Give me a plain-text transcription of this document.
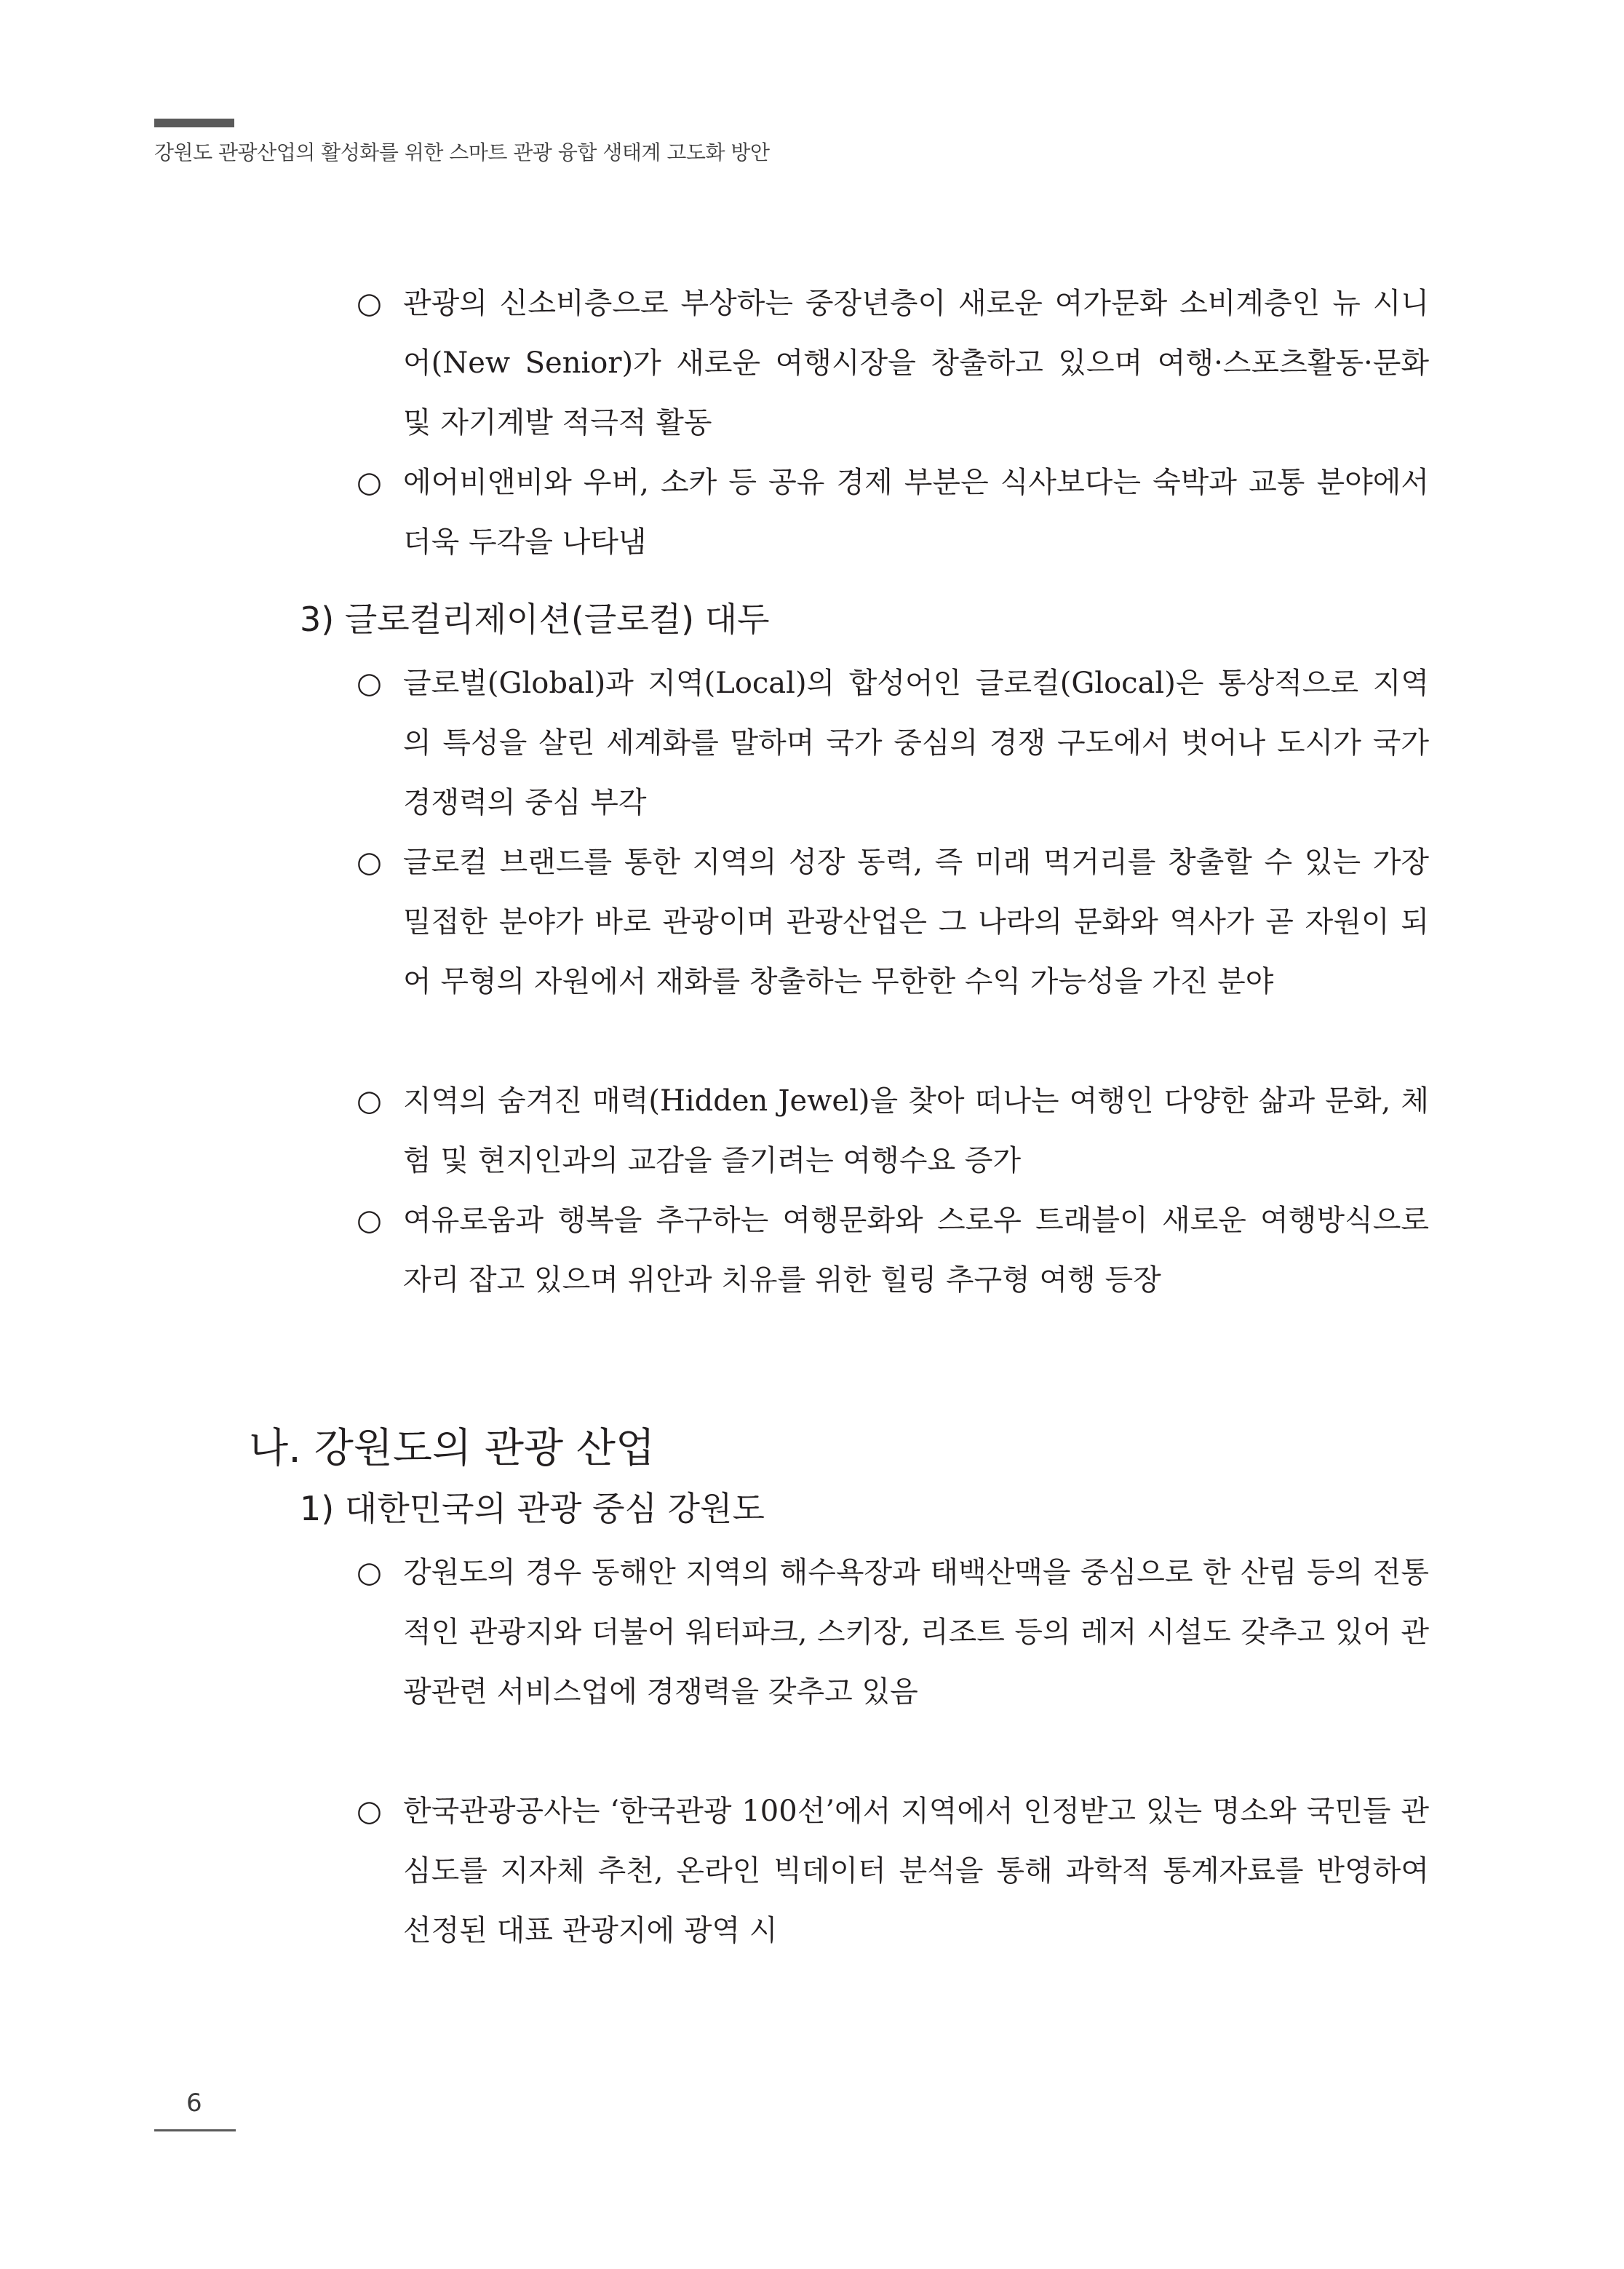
강원도 관광산업의 활성화를 위한 스마트 관광 융합 생태계 고도화 방안
○ 관광의 신소비층으로 부상하는 중장년층이 새로운 여가문화 소비계층인 뉴 시니어(New Senior)가 새로운 여행시장을 창출하고 있으며 여행·스포츠활동·문화 및 자기계발 적극적 활동
○ 에어비앤비와 우버, 소카 등 공유 경제 부분은 식사보다는 숙박과 교통 분야에서 더욱 두각을 나타냄
3) 글로컬리제이션(글로컬) 대두
○ 글로벌(Global)과 지역(Local)의 합성어인 글로컬(Glocal)은 통상적으로 지역의 특성을 살린 세계화를 말하며 국가 중심의 경쟁 구도에서 벗어나 도시가 국가 경쟁력의 중심 부각
○ 글로컬 브랜드를 통한 지역의 성장 동력, 즉 미래 먹거리를 창출할 수 있는 가장 밀접한 분야가 바로 관광이며 관광산업은 그 나라의 문화와 역사가 곧 자원이 되어 무형의 자원에서 재화를 창출하는 무한한 수익 가능성을 가진 분야
○ 지역의 숨겨진 매력(Hidden Jewel)을 찾아 떠나는 여행인 다양한 삶과 문화, 체험 및 현지인과의 교감을 즐기려는 여행수요 증가
○ 여유로움과 행복을 추구하는 여행문화와 스로우 트래블이 새로운 여행방식으로 자리 잡고 있으며 위안과 치유를 위한 힐링 추구형 여행 등장
나. 강원도의 관광 산업
1) 대한민국의 관광 중심 강원도
○ 강원도의 경우 동해안 지역의 해수욕장과 태백산맥을 중심으로 한 산림 등의 전통적인 관광지와 더불어 워터파크, 스키장, 리조트 등의 레저 시설도 갖추고 있어 관광관련 서비스업에 경쟁력을 갖추고 있음
○ 한국관광공사는 ‘한국관광 100선’에서 지역에서 인정받고 있는 명소와 국민들 관심도를 지자체 추천, 온라인 빅데이터 분석을 통해 과학적 통계자료를 반영하여 선정된 대표 관광지에 광역 시
6
